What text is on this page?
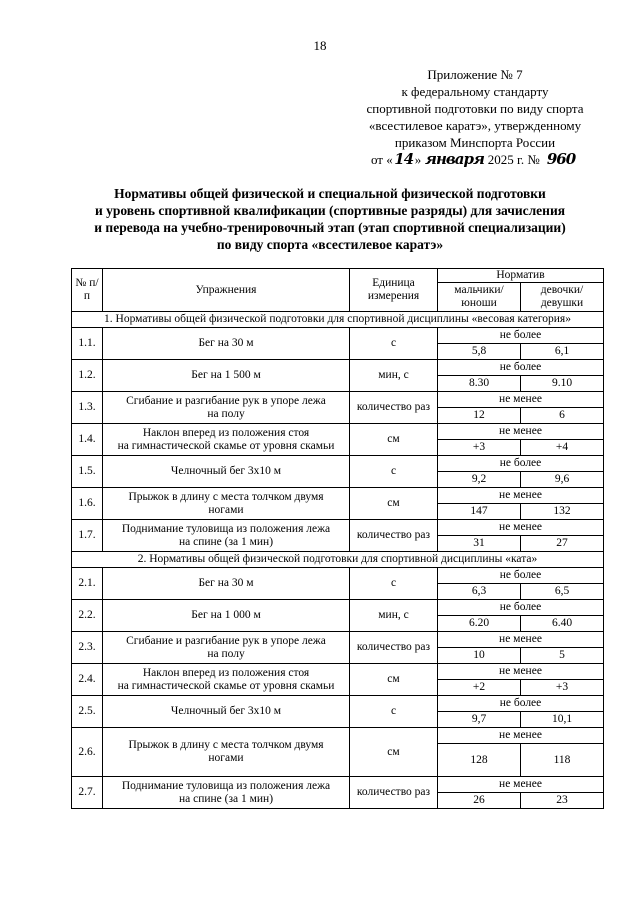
18
Приложение № 7
к федеральному стандарту
спортивной подготовки по виду спорта
«всестилевое каратэ», утвержденному
приказом Минспорта России
от « 14 » января 2025 г. № 960
Нормативы общей физической и специальной физической подготовки
и уровень спортивной квалификации (спортивные разряды) для зачисления
и перевода на учебно-тренировочный этап (этап спортивной специализации)
по виду спорта «всестилевое каратэ»
№ п/п	Упражнения	Единица измерения	Норматив	
			мальчики/ юноши	девочки/ девушки
1. Нормативы общей физической подготовки для спортивной дисциплины «весовая категория»				
1.1.	Бег на 30 м	с	не более	
			5,8	6,1
1.2.	Бег на 1 500 м	мин, с	не более	
			8.30	9.10
1.3.	Сгибание и разгибание рук в упоре лежа
на полу	количество раз	не менее	
			12	6
1.4.	Наклон вперед из положения стоя
на гимнастической скамье от уровня скамьи	см	не менее	
			+3	+4
1.5.	Челночный бег 3х10 м	с	не более	
			9,2	9,6
1.6.	Прыжок в длину с места толчком двумя
ногами	см	не менее	
			147	132
1.7.	Поднимание туловища из положения лежа
на спине (за 1 мин)	количество раз	не менее	
			31	27
2. Нормативы общей физической подготовки для спортивной дисциплины «ката»				
2.1.	Бег на 30 м	с	не более	
			6,3	6,5
2.2.	Бег на 1 000 м	мин, с	не более	
			6.20	6.40
2.3.	Сгибание и разгибание рук в упоре лежа
на полу	количество раз	не менее	
			10	5
2.4.	Наклон вперед из положения стоя
на гимнастической скамье от уровня скамьи	см	не менее	
			+2	+3
2.5.	Челночный бег 3х10 м	с	не более	
			9,7	10,1
2.6.	Прыжок в длину с места толчком двумя
ногами	см	не менее	
			128	118
2.7.	Поднимание туловища из положения лежа
на спине (за 1 мин)	количество раз	не менее	
			26	23
